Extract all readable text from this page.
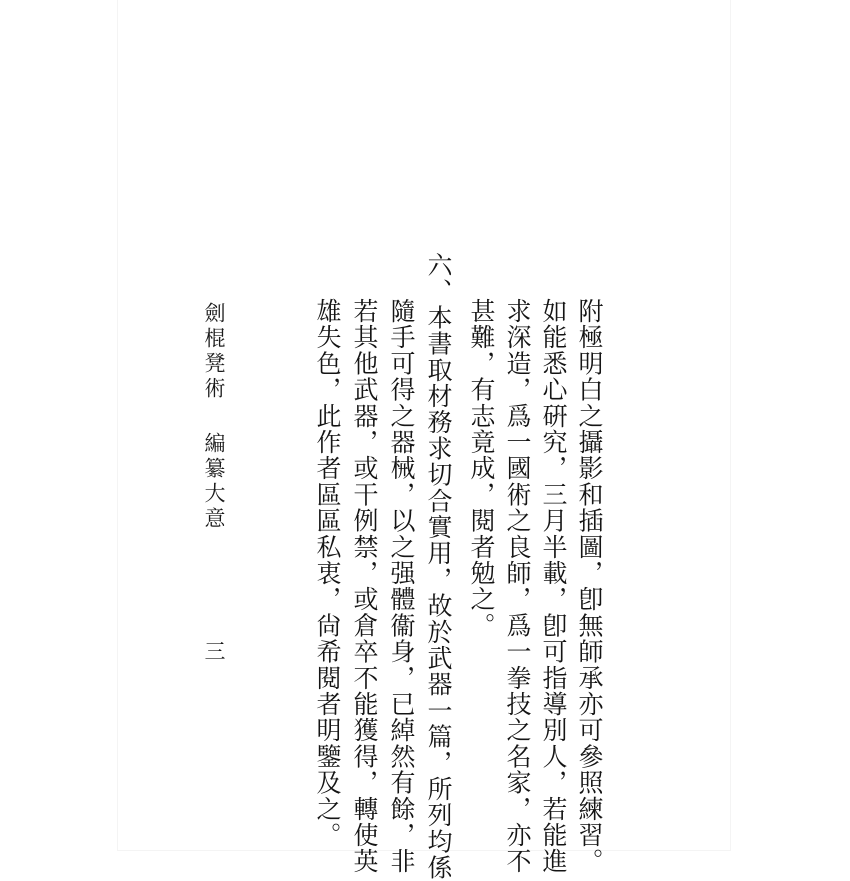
劍棍凳術
編纂大意
三	附極明白之攝影和插圖，卽無師承亦可參照練習。
如能悉心硏究，三月半載，卽可指導別人，若能進
求深造，爲一國術之良師，爲一拳技之名家，亦不
甚難，有志竟成，閱者勉之。
六、本書取材務求切合實用，故於武器一篇，所列均係
隨手可得之器械，以之强體衞身，已綽然有餘，非
若其他武器，或干例禁，或倉卒不能獲得，轉使英
雄失色，此作者區區私衷，尙希閱者明鑒及之。
